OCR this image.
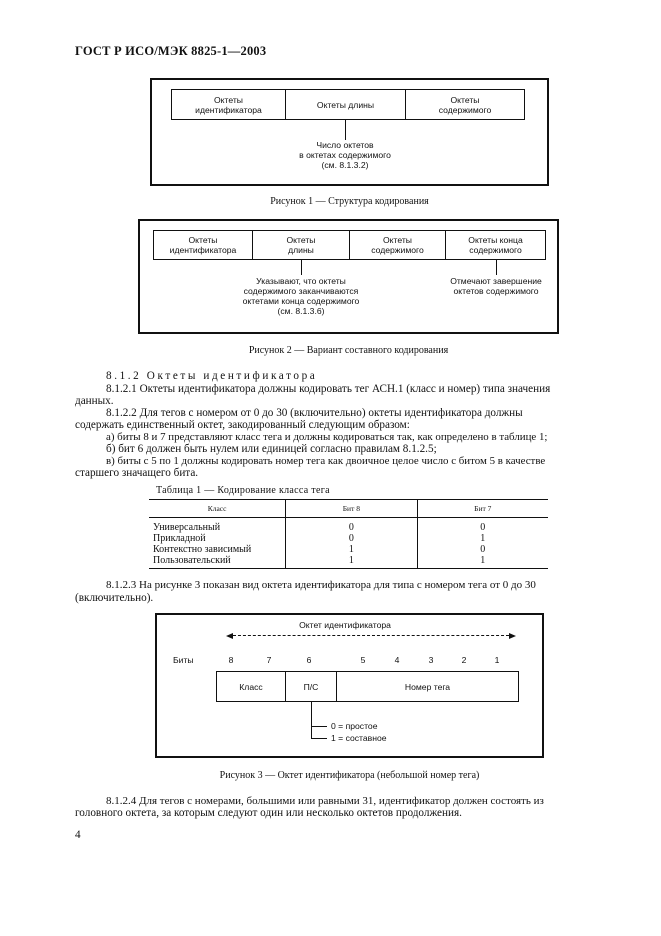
ГОСТ Р ИСО/МЭК 8825-1—2003
Октеты идентификатора	Октеты длины	Октеты содержимого
Число октетов
в октетах содержимого
(см. 8.1.3.2)
Рисунок 1 — Структура кодирования
Октеты идентификатора
Октеты длины
Октеты содержимого
Октеты конца содержимого
Указывают, что октеты
содержимого заканчиваются
октетами конца содержимого
(см. 8.1.3.6)
Отмечают завершение
октетов содержимого
Рисунок 2 — Вариант составного кодирования
8.1.2 Октеты идентификатора
8.1.2.1 Октеты идентификатора должны кодировать тег АСН.1 (класс и номер) типа значения
данных.
8.1.2.2 Для тегов с номером от 0 до 30 (включительно) октеты идентификатора должны
содержать единственный октет, закодированный следующим образом:
а) биты 8 и 7 представляют класс тега и должны кодироваться так, как определено в таблице 1;
б) бит 6 должен быть нулем или единицей согласно правилам 8.1.2.5;
в) биты с 5 по 1 должны кодировать номер тега как двоичное целое число с битом 5 в качестве
старшего значащего бита.
Таблица 1 — Кодирование класса тега
Класс	Бит 8	Бит 7
Универсальный	0	0
Прикладной	0	1
Контекстно зависимый	1	0
Пользовательский	1	1
8.1.2.3 На рисунке 3 показан вид октета идентификатора для типа с номером тега от 0 до 30
(включительно).
Октет идентификатора
Биты	8	7	6	5	4	3	2	1
Класс	П/С	Номер тега
0 = простое
1 = составное
Рисунок 3 — Октет идентификатора (небольшой номер тега)
8.1.2.4 Для тегов с номерами, большими или равными 31, идентификатор должен состоять из
головного октета, за которым следуют один или несколько октетов продолжения.
4
